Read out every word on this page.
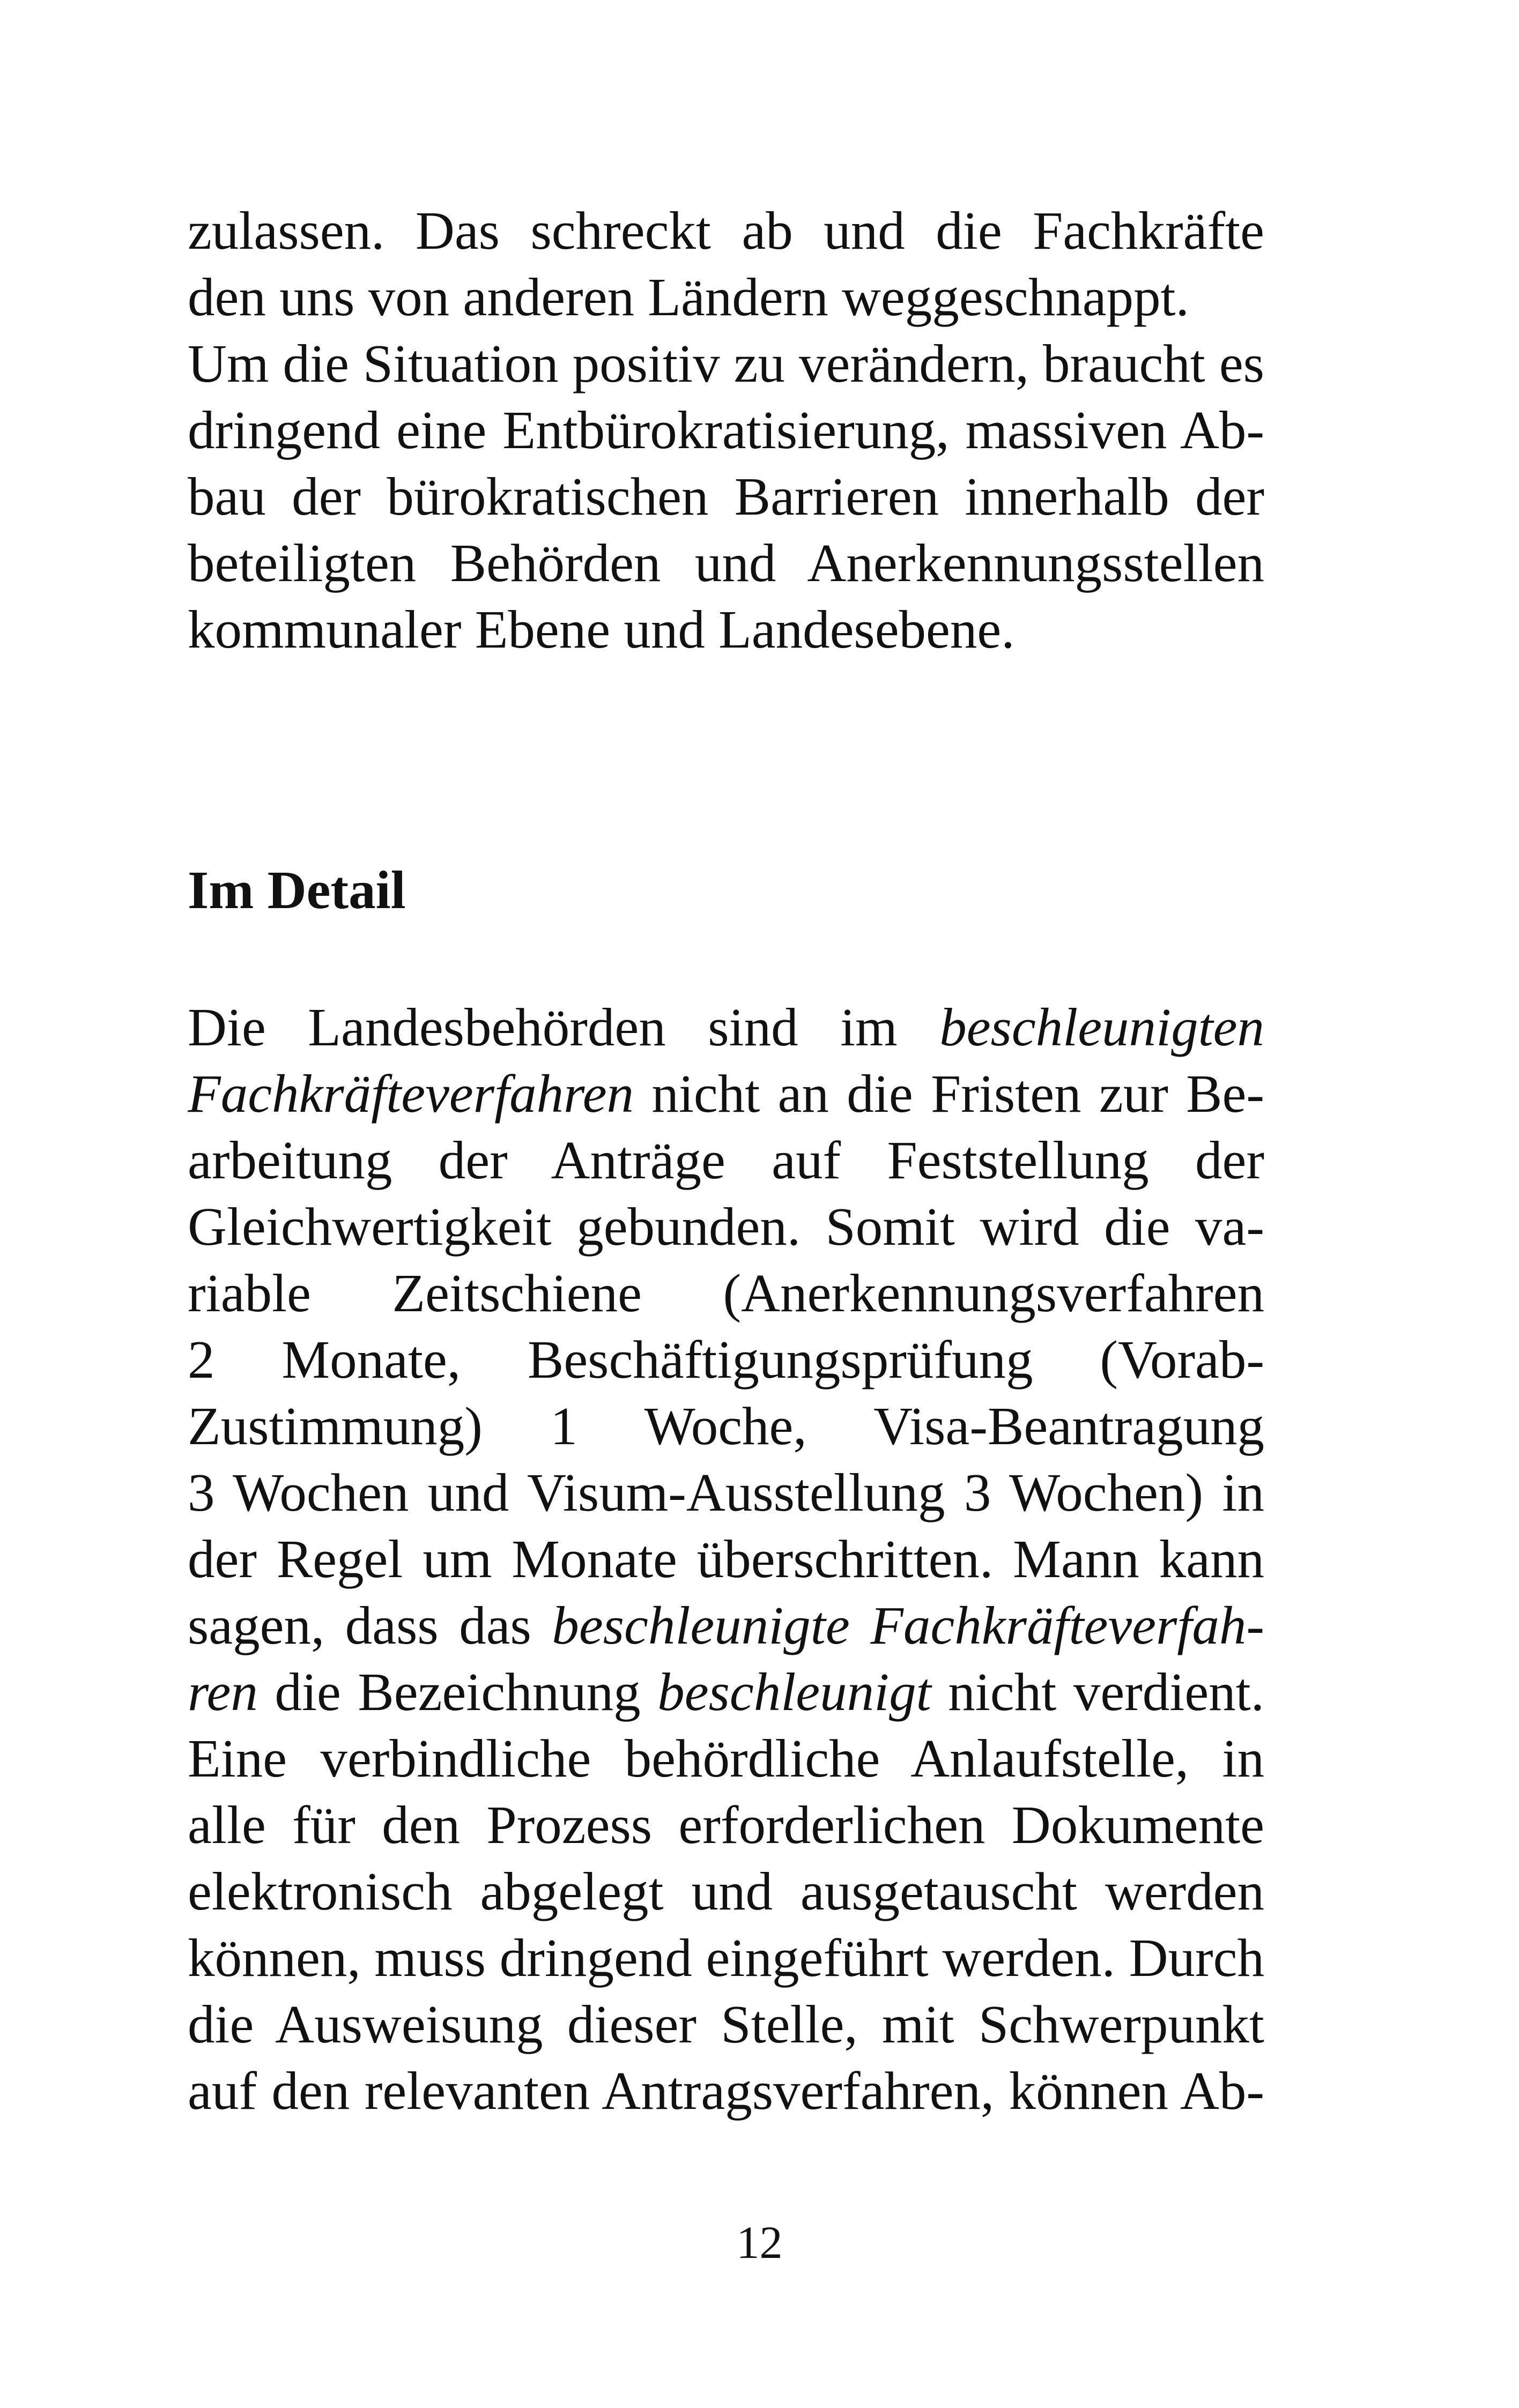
zulassen. Das schreckt ab und die Fachkräfte
den uns von anderen Ländern weggeschnappt.
Um die Situation positiv zu verändern, braucht es
dringend eine Entbürokratisierung, massiven Ab-
bau der bürokratischen Barrieren innerhalb der
beteiligten Behörden und Anerkennungsstellen
kommunaler Ebene und Landesebene.
Im Detail
Die Landesbehörden sind im beschleunigten
Fachkräfteverfahren nicht an die Fristen zur Be-
arbeitung der Anträge auf Feststellung der
Gleichwertigkeit gebunden. Somit wird die va-
riable Zeitschiene (Anerkennungsverfahren
2 Monate, Beschäftigungsprüfung (Vorab-
Zustimmung) 1 Woche, Visa-Beantragung
3 Wochen und Visum-Ausstellung 3 Wochen) in
der Regel um Monate überschritten. Mann kann
sagen, dass das beschleunigte Fachkräfteverfah-
ren die Bezeichnung beschleunigt nicht verdient.
Eine verbindliche behördliche Anlaufstelle, in
alle für den Prozess erforderlichen Dokumente
elektronisch abgelegt und ausgetauscht werden
können, muss dringend eingeführt werden. Durch
die Ausweisung dieser Stelle, mit Schwerpunkt
auf den relevanten Antragsverfahren, können Ab-
12
